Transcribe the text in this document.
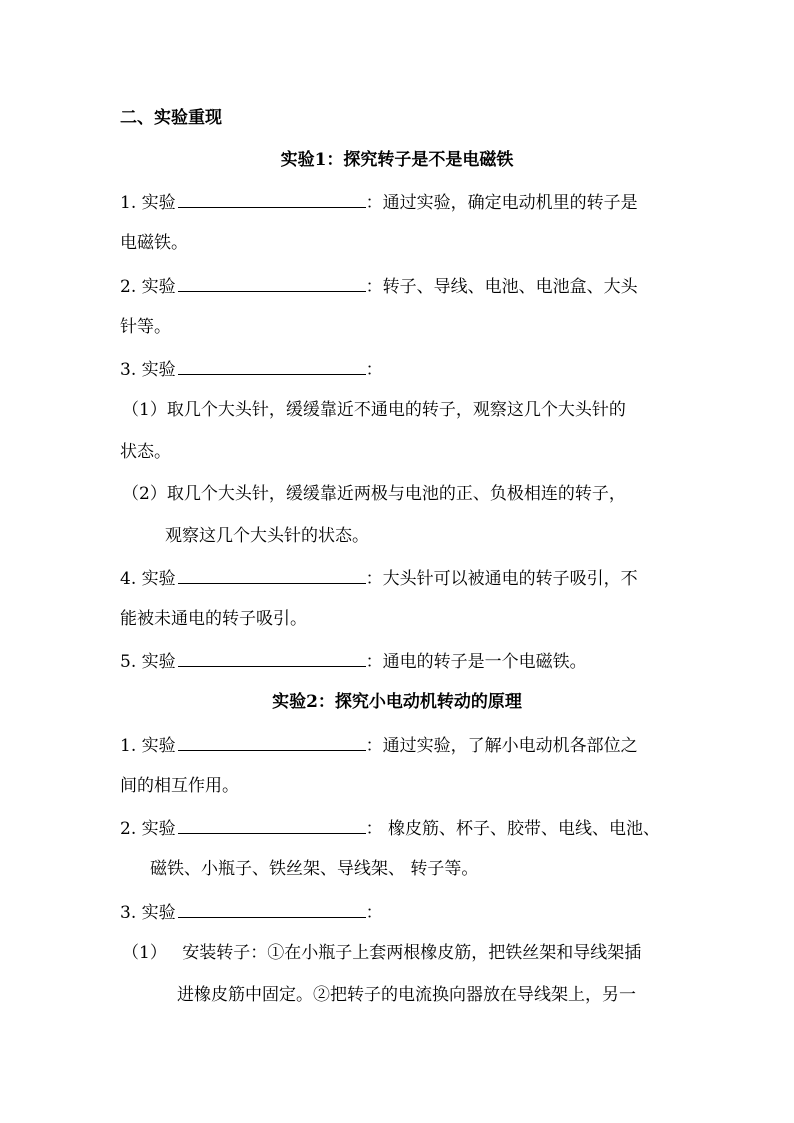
二、实验重现
实验1：探究转子是不是电磁铁
1. 实验	：通过实验，确定电动机里的转子是
电磁铁。
2. 实验	：转子、导线、电池、电池盒、大头
针等。
3. 实验	：
（1）取几个大头针，缓缓靠近不通电的转子，观察这几个大头针的
状态。
（2）取几个大头针，缓缓靠近两极与电池的正、负极相连的转子，
观察这几个大头针的状态。
4. 实验	：大头针可以被通电的转子吸引，不
能被未通电的转子吸引。
5. 实验	：通电的转子是一个电磁铁。
实验2：探究小电动机转动的原理
1. 实验	：通过实验，了解小电动机各部位之
间的相互作用。
2. 实验	： 橡皮筋、杯子、胶带、电线、电池、
磁铁、小瓶子、铁丝架、导线架、 转子等。
3. 实验	：
（1） 安装转子：①在小瓶子上套两根橡皮筋，把铁丝架和导线架插
进橡皮筋中固定。②把转子的电流换向器放在导线架上，另一
